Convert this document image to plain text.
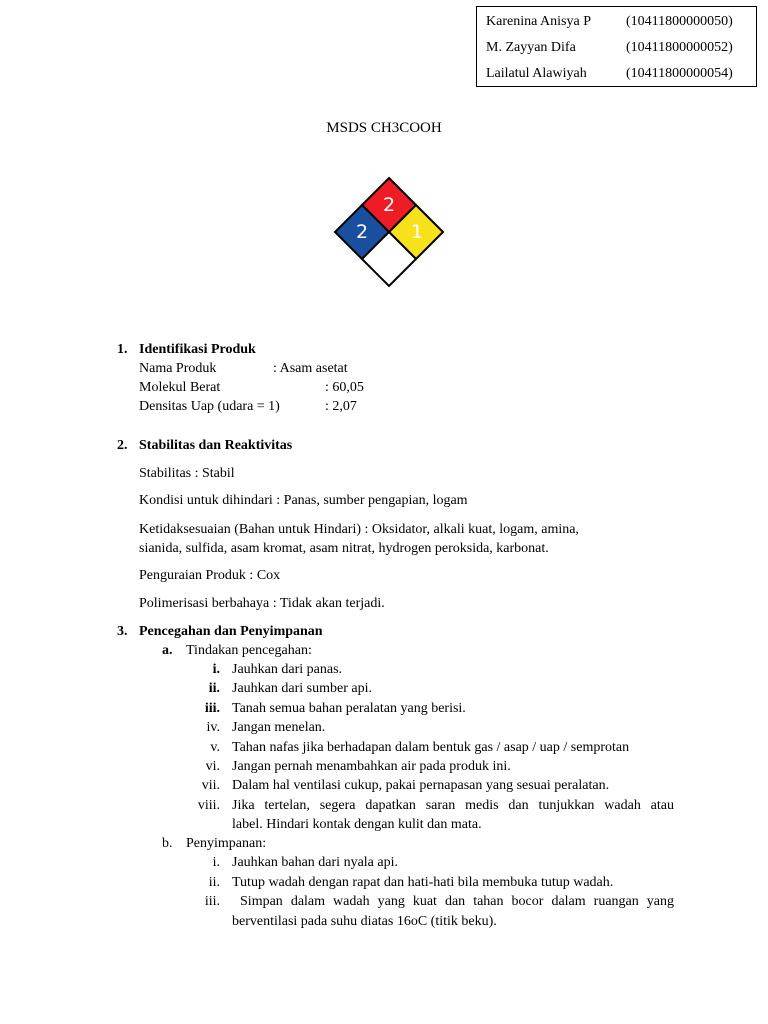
Karenina Anisya P	(10411800000050)
M. Zayyan Difa	(10411800000052)
Lailatul Alawiyah	(10411800000054)
MSDS CH3COOH
2
2 1
1. Identifikasi Produk
Nama Produk	: Asam asetat
Molekul Berat	: 60,05
Densitas Uap (udara = 1)	: 2,07
2. Stabilitas dan Reaktivitas
Stabilitas : Stabil
Kondisi untuk dihindari : Panas, sumber pengapian, logam
Ketidaksesuaian (Bahan untuk Hindari) : Oksidator, alkali kuat, logam, amina,
sianida, sulfida, asam kromat, asam nitrat, hydrogen peroksida, karbonat.
Penguraian Produk : Cox
Polimerisasi berbahaya : Tidak akan terjadi.
3. Pencegahan dan Penyimpanan
a. Tindakan pencegahan:
i. Jauhkan dari panas.
ii. Jauhkan dari sumber api.
iii. Tanah semua bahan peralatan yang berisi.
iv. Jangan menelan.
v. Tahan nafas jika berhadapan dalam bentuk gas / asap / uap / semprotan
vi. Jangan pernah menambahkan air pada produk ini.
vii. Dalam hal ventilasi cukup, pakai pernapasan yang sesuai peralatan.
viii. Jika tertelan, segera dapatkan saran medis dan tunjukkan wadah atau
label. Hindari kontak dengan kulit dan mata.
b. Penyimpanan:
i. Jauhkan bahan dari nyala api.
ii. Tutup wadah dengan rapat dan hati-hati bila membuka tutup wadah.
iii. Simpan dalam wadah yang kuat dan tahan bocor dalam ruangan yang
berventilasi pada suhu diatas 16oC (titik beku).
